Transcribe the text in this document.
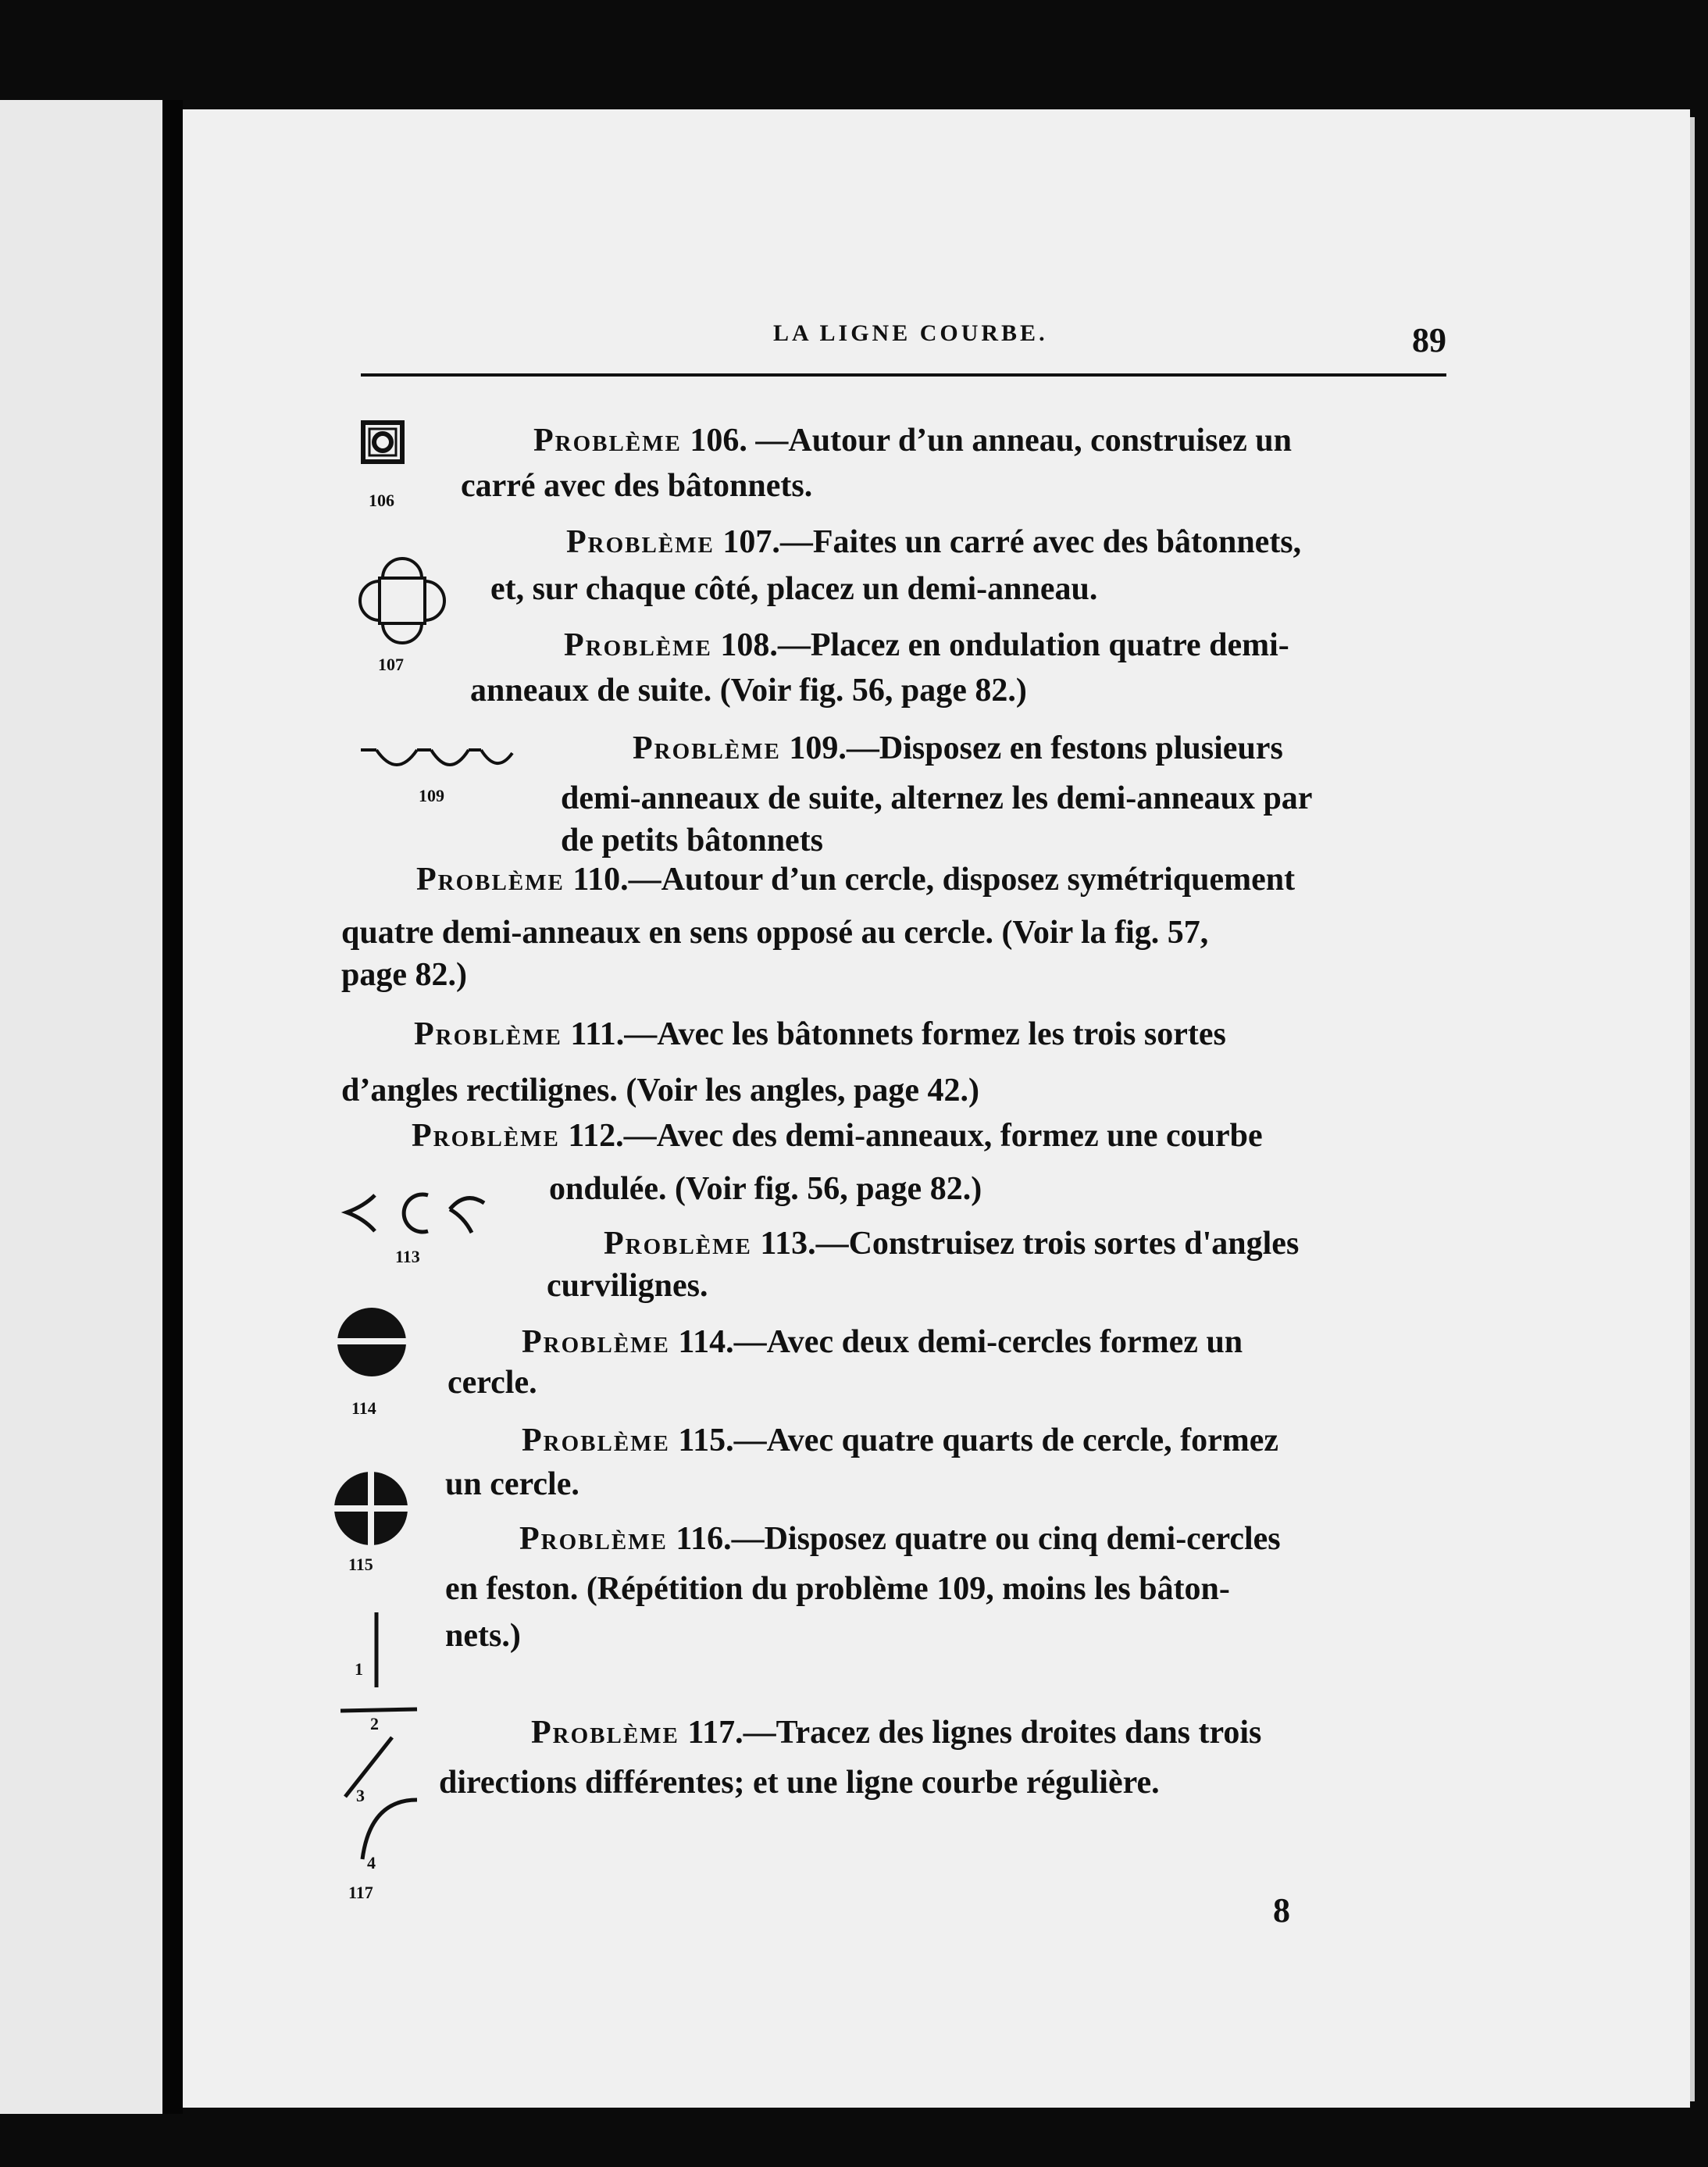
LA LIGNE COURBE.	89
Problème 106. —Autour d’un anneau, construisez un
carré avec des bâtonnets.
Problème 107.—Faites un carré avec des bâtonnets,
et, sur chaque côté, placez un demi-anneau.
Problème 108.—Placez en ondulation quatre demi-
anneaux de suite. (Voir fig. 56, page 82.)
Problème 109.—Disposez en festons plusieurs
demi-anneaux de suite, alternez les demi-anneaux par
de petits bâtonnets
Problème 110.—Autour d’un cercle, disposez symétriquement
quatre demi-anneaux en sens opposé au cercle. (Voir la fig. 57,
page 82.)
Problème 111.—Avec les bâtonnets formez les trois sortes
d’angles rectilignes. (Voir les angles, page 42.)
Problème 112.—Avec des demi-anneaux, formez une courbe
ondulée. (Voir fig. 56, page 82.)
Problème 113.—Construisez trois sortes d'angles
curvilignes.
Problème 114.—Avec deux demi-cercles formez un
cercle.
Problème 115.—Avec quatre quarts de cercle, formez
un cercle.
Problème 116.—Disposez quatre ou cinq demi-cercles
en feston. (Répétition du problème 109, moins les bâton-
nets.)
Problème 117.—Tracez des lignes droites dans trois
directions différentes; et une ligne courbe régulière.
8
106
107
109
113
114
115
1
2
3
4
117
